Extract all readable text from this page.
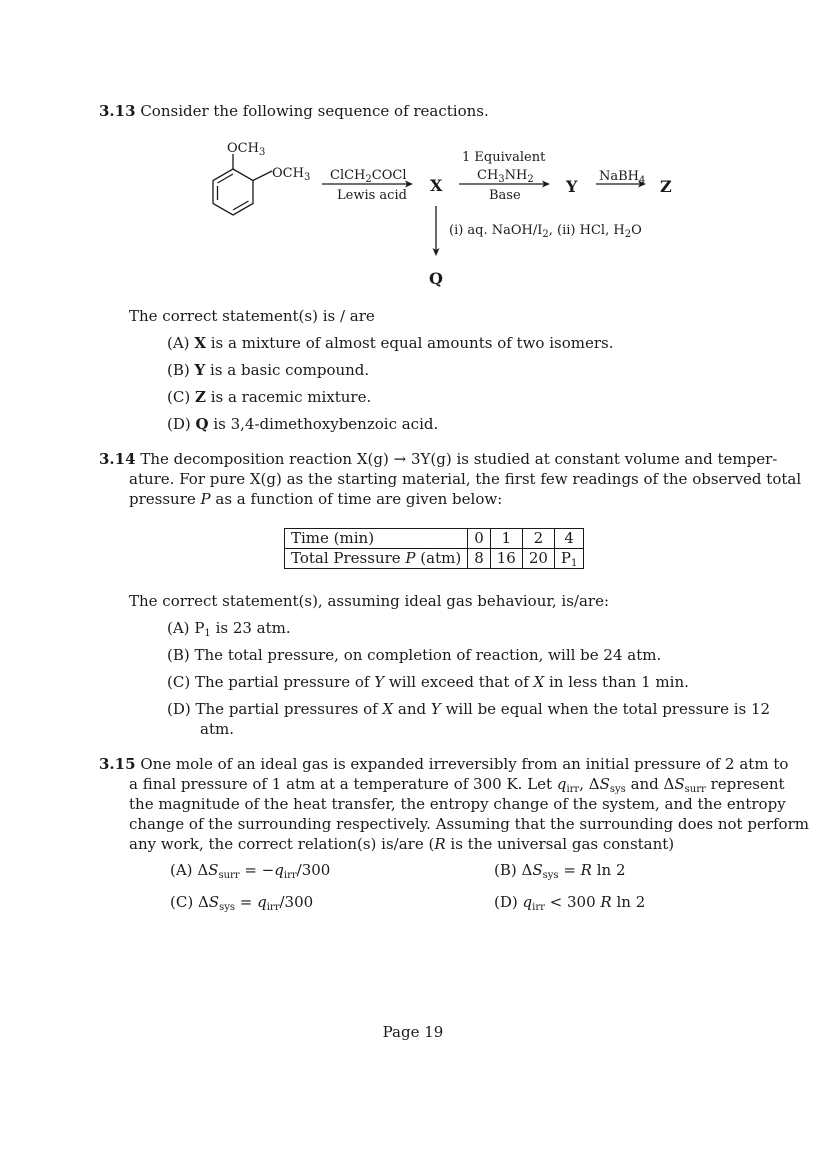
3.13 Consider the following sequence of reactions.
$OCH_3$
$OCH_3$ ClCH$_2$COCl
Lewis acid
X
1 Equivalent
$CH_3NH_2$
Base	Y
NaBH$_4$ Z
(i) aq. NaOH/$I_2$, (ii) HCl, $H_2O$
Q
The correct statement(s) is / are
(A) X is a mixture of almost equal amounts of two isomers.
(B) Y is a basic compound.
(C) Z is a racemic mixture.
(D) Q is 3,4-dimethoxybenzoic acid.
3.14 The decomposition reaction X(g) → 3Y(g) is studied at constant volume and temper-
ature. For pure X(g) as the starting material, the first few readings of the observed total
pressure P as a function of time are given below:
Time (min)	0	1	2	4
Total Pressure P (atm)	8	16	20	$P_1$
The correct statement(s), assuming ideal gas behaviour, is/are:
(A) $P_1$ is 23 atm.
(B) The total pressure, on completion of reaction, will be 24 atm.
(C) The partial pressure of Y will exceed that of X in less than 1 min.
(D) The partial pressures of X and Y will be equal when the total pressure is 12
atm.
3.15 One mole of an ideal gas is expanded irreversibly from an initial pressure of 2 atm to
a final pressure of 1 atm at a temperature of 300 K. Let $q_{irr}$, $\Delta S_{sys}$ and $\Delta S_{surr}$ represent
the magnitude of the heat transfer, the entropy change of the system, and the entropy
change of the surrounding respectively. Assuming that the surrounding does not perform
any work, the correct relation(s) is/are (R is the universal gas constant)
(A) $\Delta S_{surr} = -q_{irr}/300$	(B) $\Delta S_{sys} = R$ ln 2
(C) $\Delta S_{sys} = q_{irr}/300$	(D) $q_{irr} < 300$ R ln 2
Page 19
